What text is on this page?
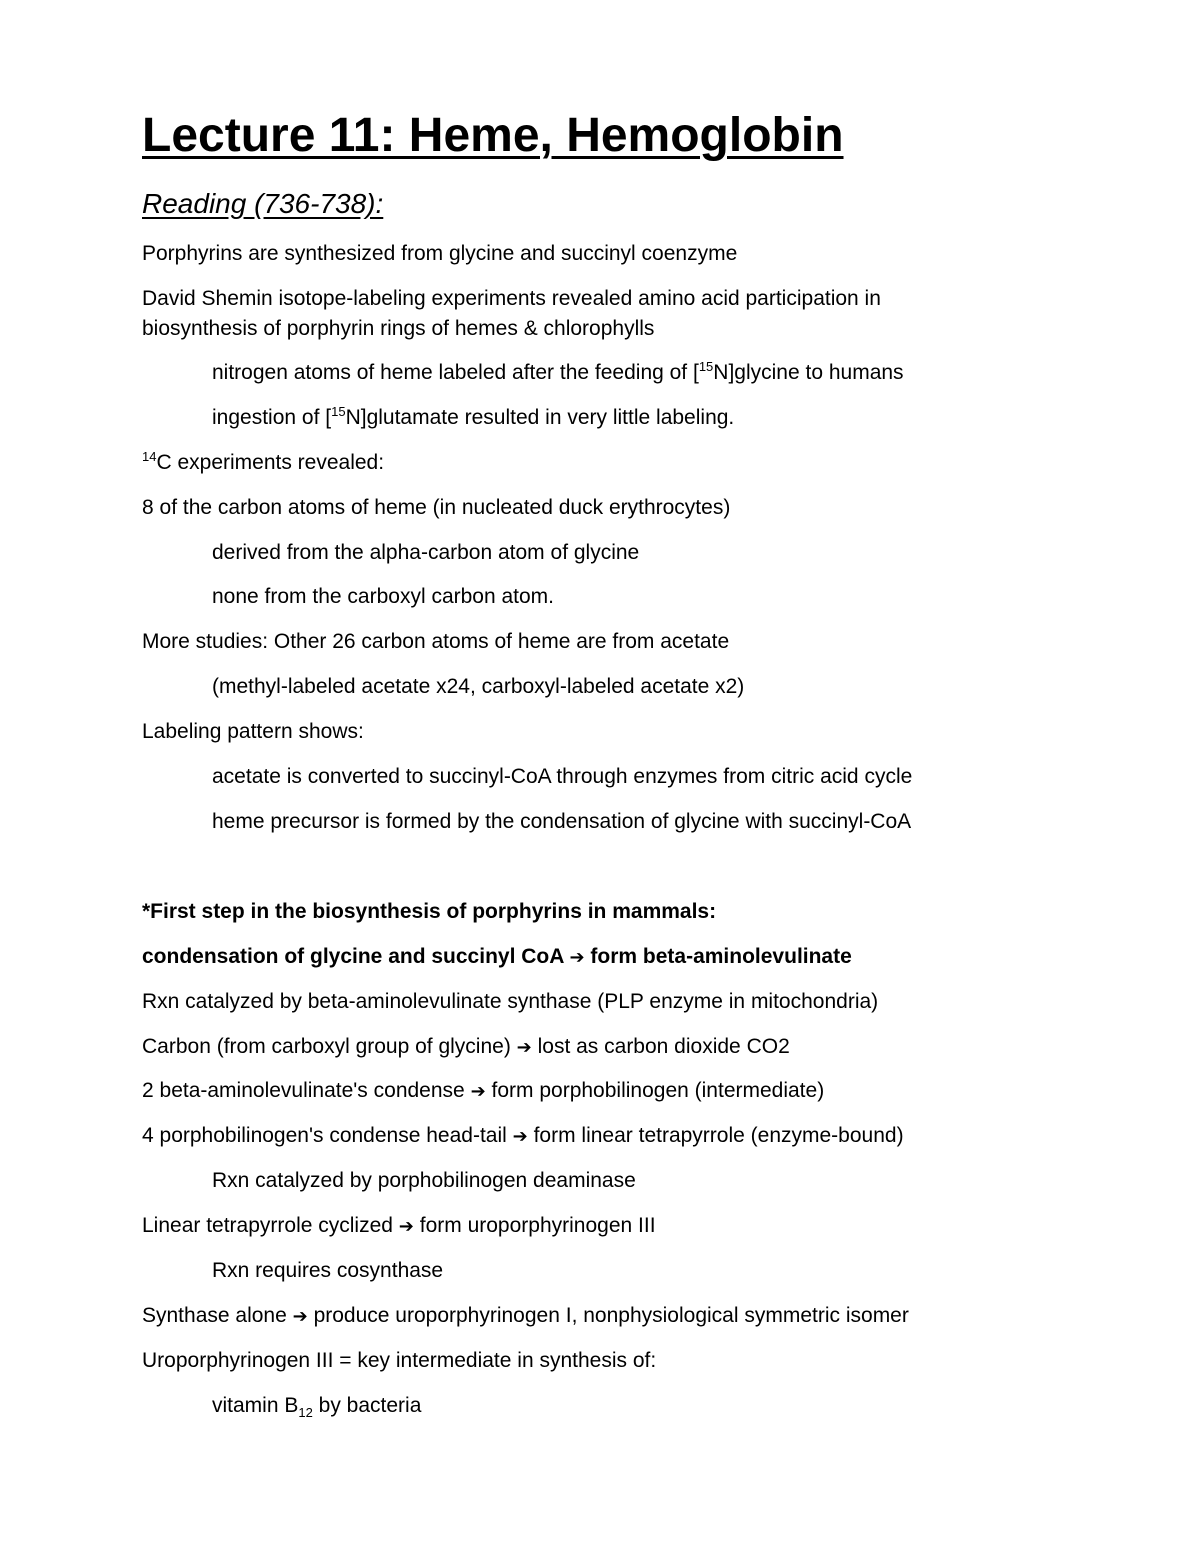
Lecture 11: Heme, Hemoglobin
Reading (736-738):
Porphyrins are synthesized from glycine and succinyl coenzyme
David Shemin isotope-labeling experiments revealed amino acid participation in
biosynthesis of porphyrin rings of hemes & chlorophylls
nitrogen atoms of heme labeled after the feeding of [$^{15}$N]glycine to humans
ingestion of [$^{15}$N]glutamate resulted in very little labeling.
$^{14}$C experiments revealed:
8 of the carbon atoms of heme (in nucleated duck erythrocytes)
derived from the alpha-carbon atom of glycine
none from the carboxyl carbon atom.
More studies: Other 26 carbon atoms of heme are from acetate
(methyl-labeled acetate x24, carboxyl-labeled acetate x2)
Labeling pattern shows:
acetate is converted to succinyl-CoA through enzymes from citric acid cycle
heme precursor is formed by the condensation of glycine with succinyl-CoA
*First step in the biosynthesis of porphyrins in mammals:
condensation of glycine and succinyl CoA ➔ form beta-aminolevulinate
Rxn catalyzed by beta-aminolevulinate synthase (PLP enzyme in mitochondria)
Carbon (from carboxyl group of glycine) ➔ lost as carbon dioxide CO2
2 beta-aminolevulinate's condense ➔ form porphobilinogen (intermediate)
4 porphobilinogen's condense head-tail ➔ form linear tetrapyrrole (enzyme-bound)
Rxn catalyzed by porphobilinogen deaminase
Linear tetrapyrrole cyclized ➔ form uroporphyrinogen III
Rxn requires cosynthase
Synthase alone ➔ produce uroporphyrinogen I, nonphysiological symmetric isomer
Uroporphyrinogen III = key intermediate in synthesis of:
vitamin $B_{12}$ by bacteria
